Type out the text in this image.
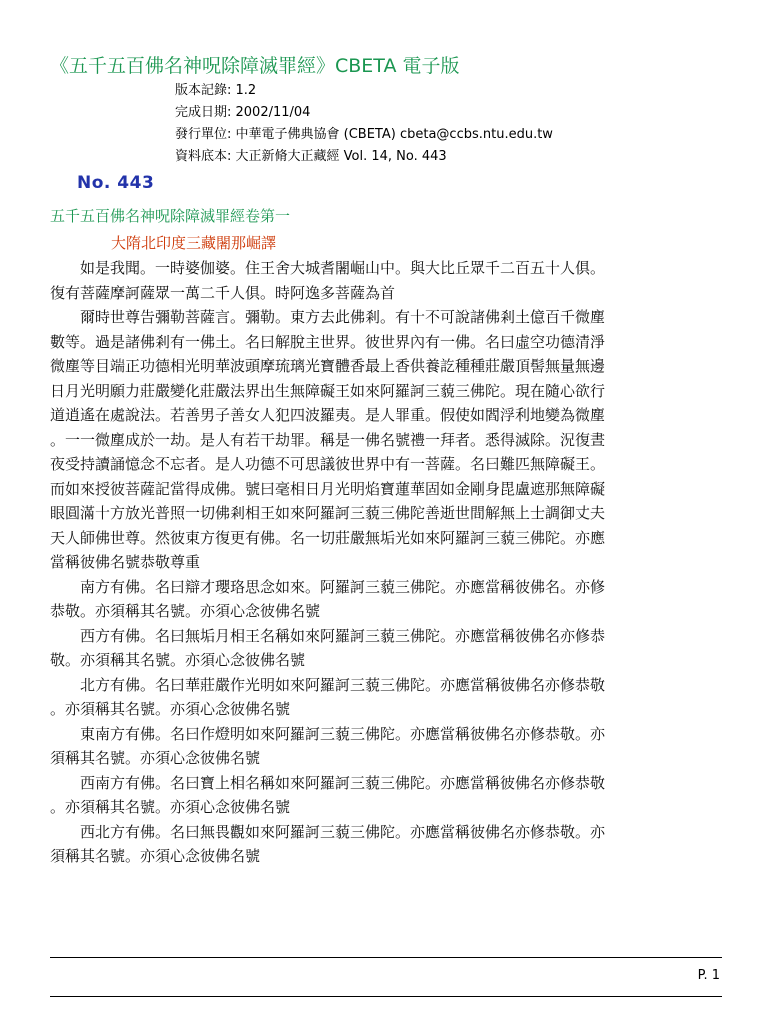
《五千五百佛名神呪除障滅罪經》CBETA 電子版
版本記錄: 1.2
完成日期: 2002/11/04
發行單位: 中華電子佛典協會 (CBETA) cbeta@ccbs.ntu.edu.tw
資料底本: 大正新脩大正藏經 Vol. 14, No. 443
No. 443
五千五百佛名神呪除障滅罪經卷第一
大隋北印度三藏闍那崛譯
　　如是我聞。一時婆伽婆。住王舍大城耆闍崛山中。與大比丘眾千二百五十人俱。
復有菩薩摩訶薩眾一萬二千人俱。時阿逸多菩薩為首
　　爾時世尊告彌勒菩薩言。彌勒。東方去此佛剎。有十不可說諸佛剎土億百千微塵
數等。過是諸佛剎有一佛土。名曰解脫主世界。彼世界內有一佛。名曰虛空功德清淨
微塵等目端正功德相光明華波頭摩琉璃光寶體香最上香供養訖種種莊嚴頂髻無量無邊
日月光明願力莊嚴變化莊嚴法界出生無障礙王如來阿羅訶三藐三佛陀。現在隨心欲行
道逍遙在處說法。若善男子善女人犯四波羅夷。是人罪重。假使如閻浮利地變為微塵
。一一微塵成於一劫。是人有若干劫罪。稱是一佛名號禮一拜者。悉得滅除。況復晝
夜受持讀誦憶念不忘者。是人功德不可思議彼世界中有一菩薩。名曰難匹無障礙王。
而如來授彼菩薩記當得成佛。號曰毫相日月光明焰寶蓮華固如金剛身毘盧遮那無障礙
眼圓滿十方放光普照一切佛剎相王如來阿羅訶三藐三佛陀善逝世間解無上士調御丈夫
天人師佛世尊。然彼東方復更有佛。名一切莊嚴無垢光如來阿羅訶三藐三佛陀。亦應
當稱彼佛名號恭敬尊重
　　南方有佛。名曰辯才瓔珞思念如來。阿羅訶三藐三佛陀。亦應當稱彼佛名。亦修
恭敬。亦須稱其名號。亦須心念彼佛名號
　　西方有佛。名曰無垢月相王名稱如來阿羅訶三藐三佛陀。亦應當稱彼佛名亦修恭
敬。亦須稱其名號。亦須心念彼佛名號
　　北方有佛。名曰華莊嚴作光明如來阿羅訶三藐三佛陀。亦應當稱彼佛名亦修恭敬
。亦須稱其名號。亦須心念彼佛名號
　　東南方有佛。名曰作燈明如來阿羅訶三藐三佛陀。亦應當稱彼佛名亦修恭敬。亦
須稱其名號。亦須心念彼佛名號
　　西南方有佛。名曰寶上相名稱如來阿羅訶三藐三佛陀。亦應當稱彼佛名亦修恭敬
。亦須稱其名號。亦須心念彼佛名號
　　西北方有佛。名曰無畏觀如來阿羅訶三藐三佛陀。亦應當稱彼佛名亦修恭敬。亦
須稱其名號。亦須心念彼佛名號
P. 1
